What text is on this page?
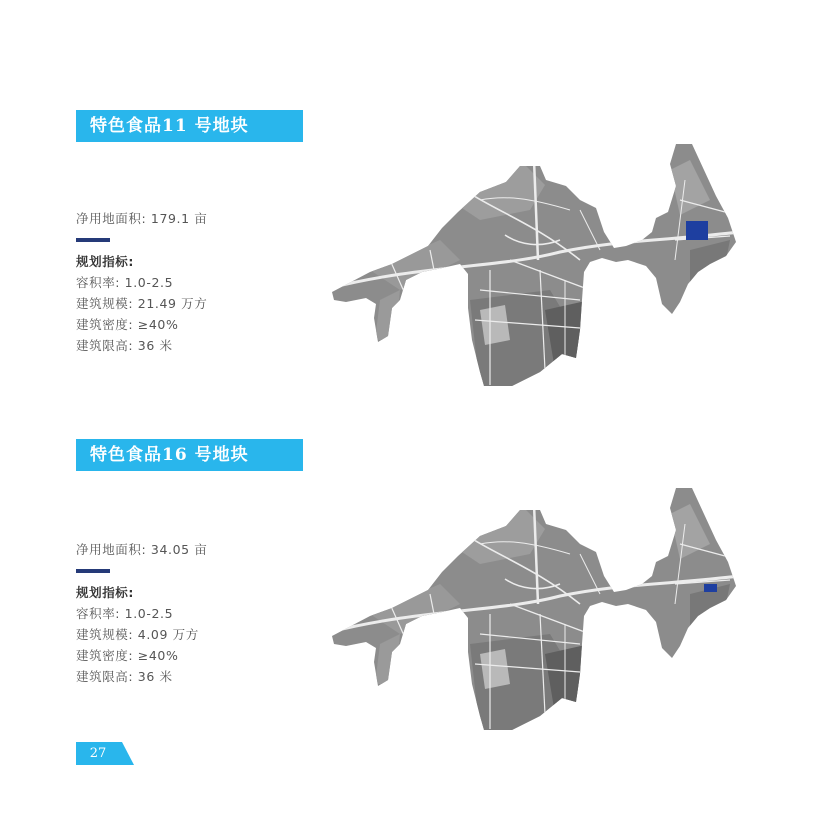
特色食品11 号地块
净用地面积: 179.1 亩
规划指标:
容积率: 1.0-2.5
建筑规模: 21.49 万方
建筑密度: ≥40%
建筑限高: 36 米
特色食品16 号地块
净用地面积: 34.05 亩
规划指标:
容积率: 1.0-2.5
建筑规模: 4.09 万方
建筑密度: ≥40%
建筑限高: 36 米
27
